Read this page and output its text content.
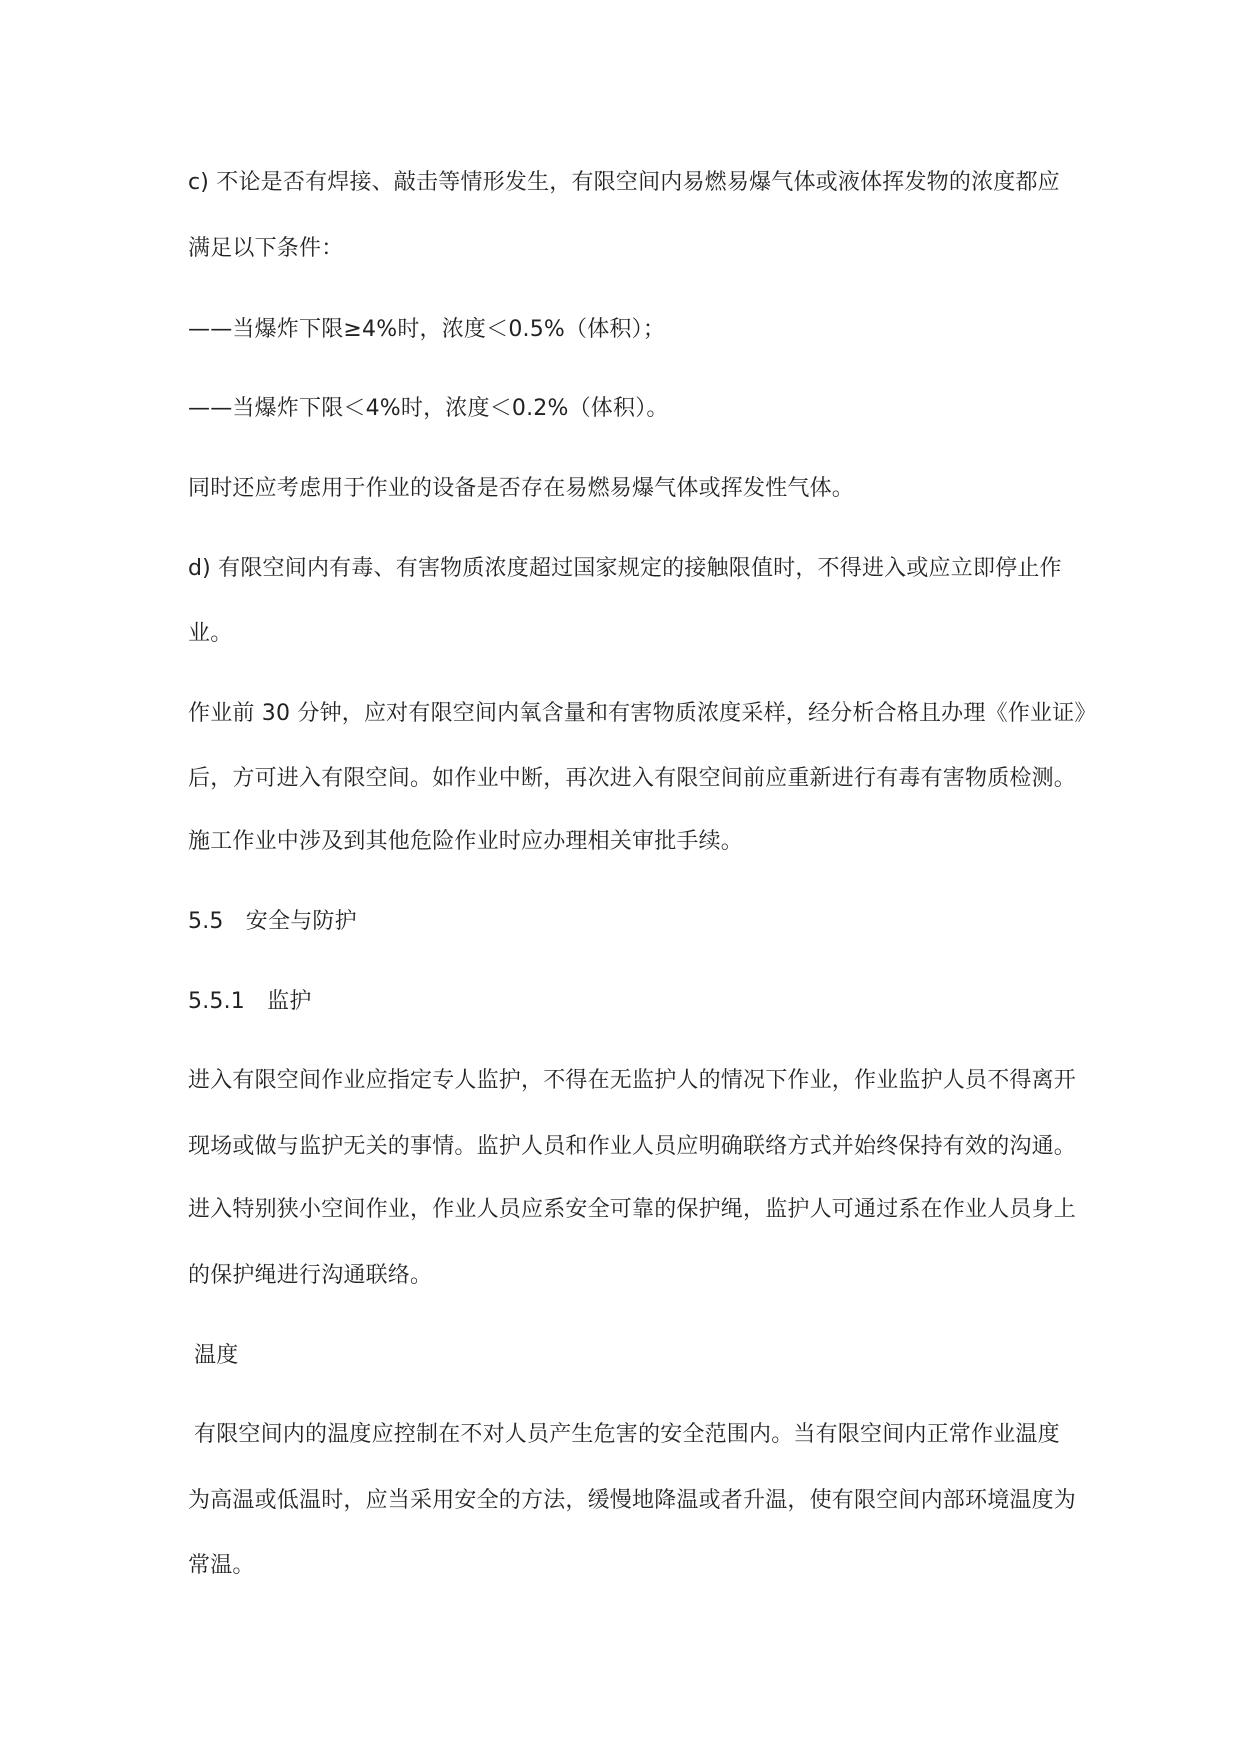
c) 不论是否有焊接、敲击等情形发生，有限空间内易燃易爆气体或液体挥发物的浓度都应
满足以下条件：
——当爆炸下限≥4%时，浓度＜0.5%（体积）；
——当爆炸下限＜4%时，浓度＜0.2%（体积）。
同时还应考虑用于作业的设备是否存在易燃易爆气体或挥发性气体。
d) 有限空间内有毒、有害物质浓度超过国家规定的接触限值时，不得进入或应立即停止作
业。
作业前 30 分钟，应对有限空间内氧含量和有害物质浓度采样，经分析合格且办理《作业证》
后，方可进入有限空间。如作业中断，再次进入有限空间前应重新进行有毒有害物质检测。
施工作业中涉及到其他危险作业时应办理相关审批手续。
5.5　安全与防护
5.5.1　监护
进入有限空间作业应指定专人监护，不得在无监护人的情况下作业，作业监护人员不得离开
现场或做与监护无关的事情。监护人员和作业人员应明确联络方式并始终保持有效的沟通。
进入特别狭小空间作业，作业人员应系安全可靠的保护绳，监护人可通过系在作业人员身上
的保护绳进行沟通联络。
温度
有限空间内的温度应控制在不对人员产生危害的安全范围内。当有限空间内正常作业温度
为高温或低温时，应当采用安全的方法，缓慢地降温或者升温，使有限空间内部环境温度为
常温。
